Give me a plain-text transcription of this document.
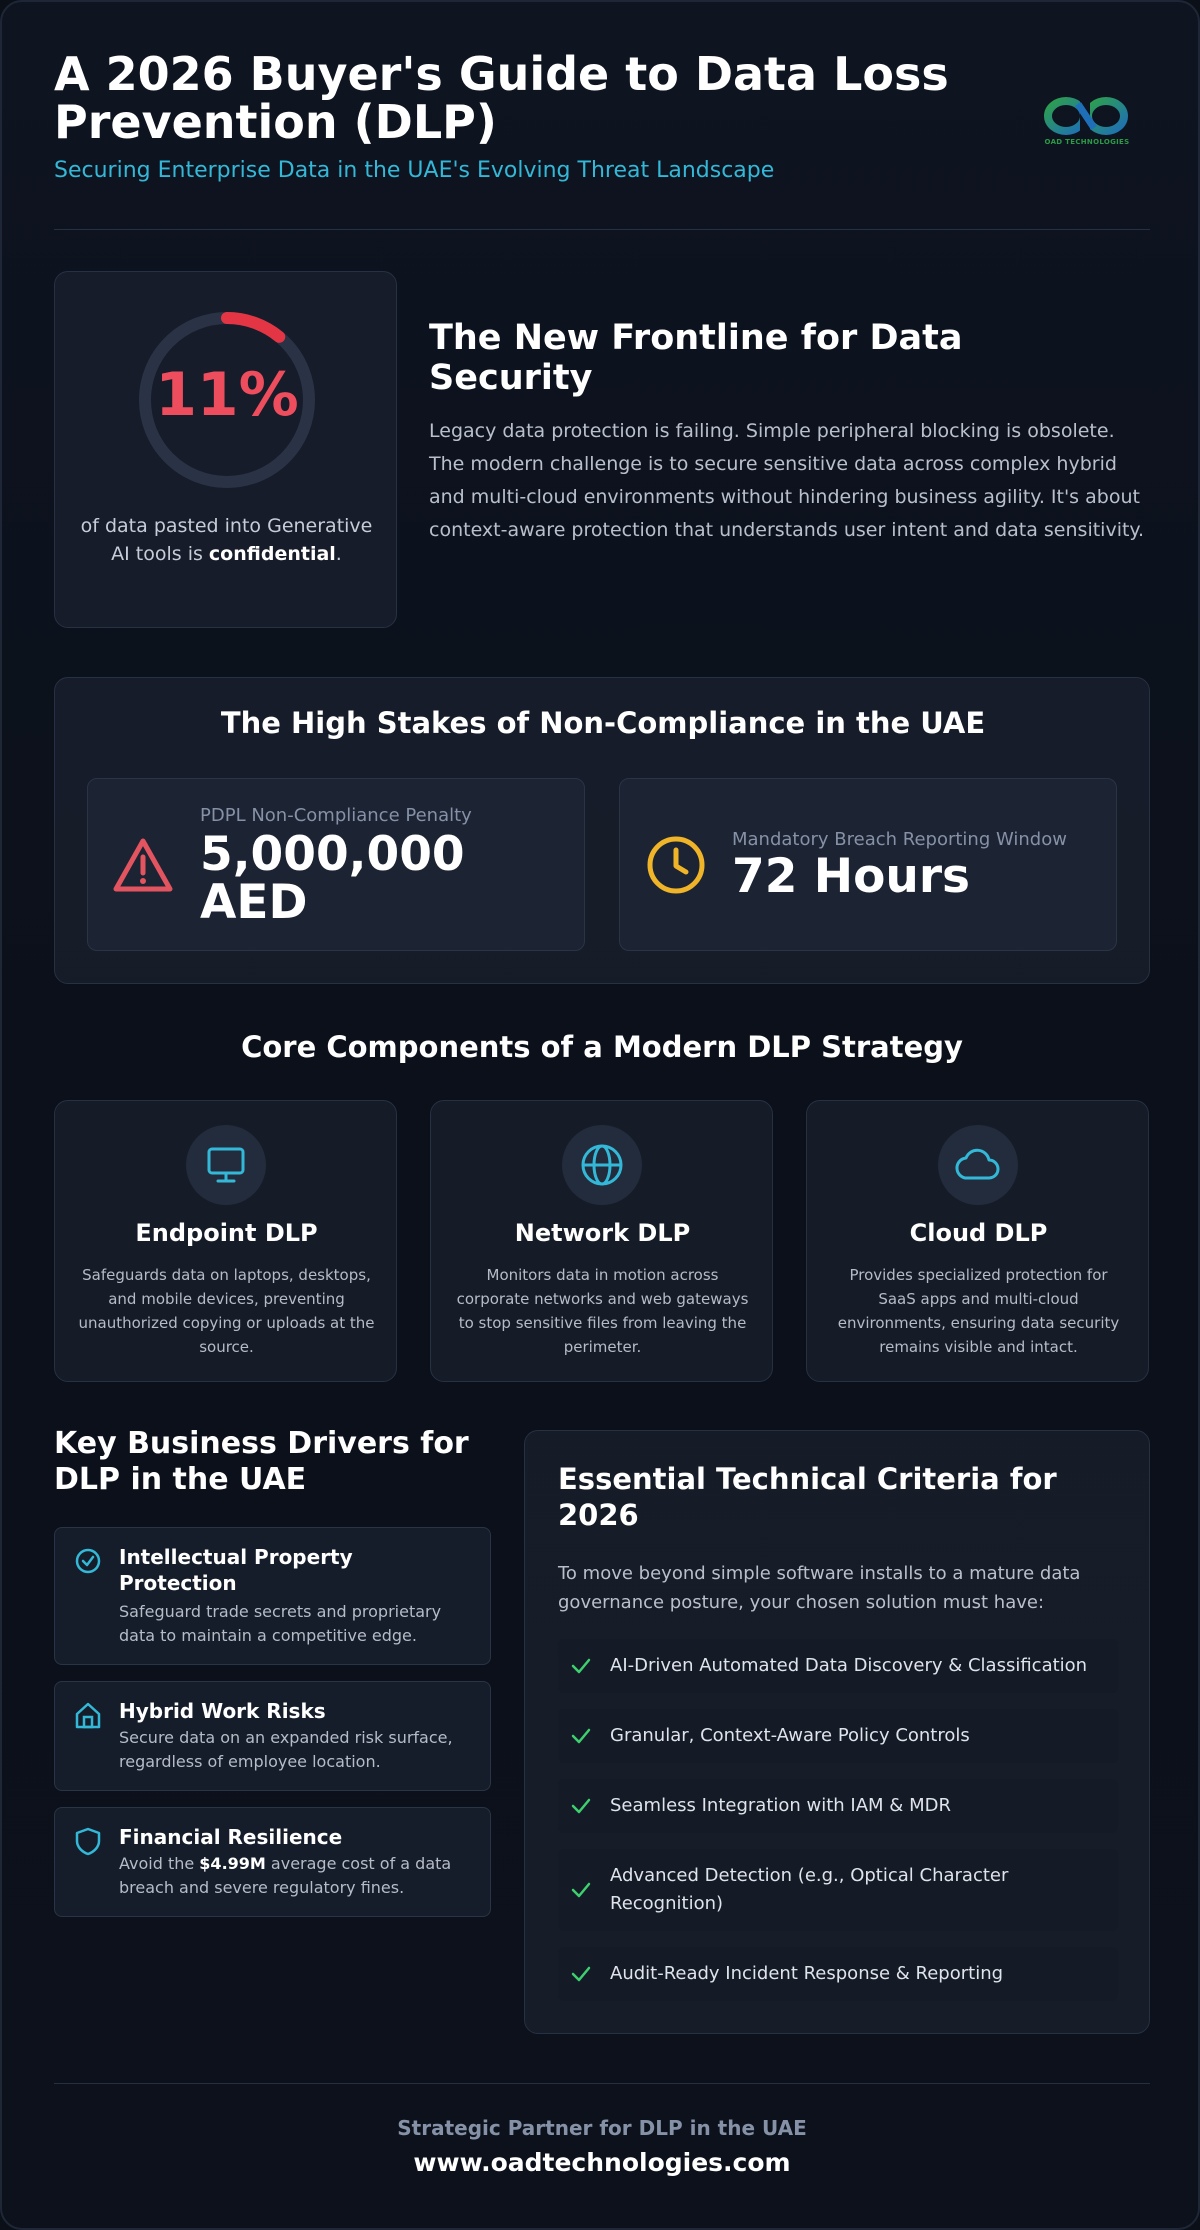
A 2026 Buyer's Guide to Data Loss Prevention (DLP)
Securing Enterprise Data in the UAE's Evolving Threat Landscape
OAD TECHNOLOGIES
11%
of data pasted into Generative AI tools is confidential.
The New Frontline for Data Security
Legacy data protection is failing. Simple peripheral blocking is obsolete. The modern challenge is to secure sensitive data across complex hybrid and multi-cloud environments without hindering business agility. It's about context-aware protection that understands user intent and data sensitivity.
The High Stakes of Non-Compliance in the UAE
PDPL Non-Compliance Penalty
5,000,000 AED
Mandatory Breach Reporting Window
72 Hours
Core Components of a Modern DLP Strategy
Endpoint DLP
Safeguards data on laptops, desktops, and mobile devices, preventing unauthorized copying or uploads at the source.
Network DLP
Monitors data in motion across corporate networks and web gateways to stop sensitive files from leaving the perimeter.
Cloud DLP
Provides specialized protection for SaaS apps and multi-cloud environments, ensuring data security remains visible and intact.
Key Business Drivers for DLP in the UAE
Intellectual Property Protection
Safeguard trade secrets and proprietary data to maintain a competitive edge.
Hybrid Work Risks
Secure data on an expanded risk surface, regardless of employee location.
Financial Resilience
Avoid the $4.99M average cost of a data breach and severe regulatory fines.
Essential Technical Criteria for 2026
To move beyond simple software installs to a mature data governance posture, your chosen solution must have:
AI-Driven Automated Data Discovery & Classification
Granular, Context-Aware Policy Controls
Seamless Integration with IAM & MDR
Advanced Detection (e.g., Optical Character Recognition)
Audit-Ready Incident Response & Reporting
Strategic Partner for DLP in the UAE
www.oadtechnologies.com
